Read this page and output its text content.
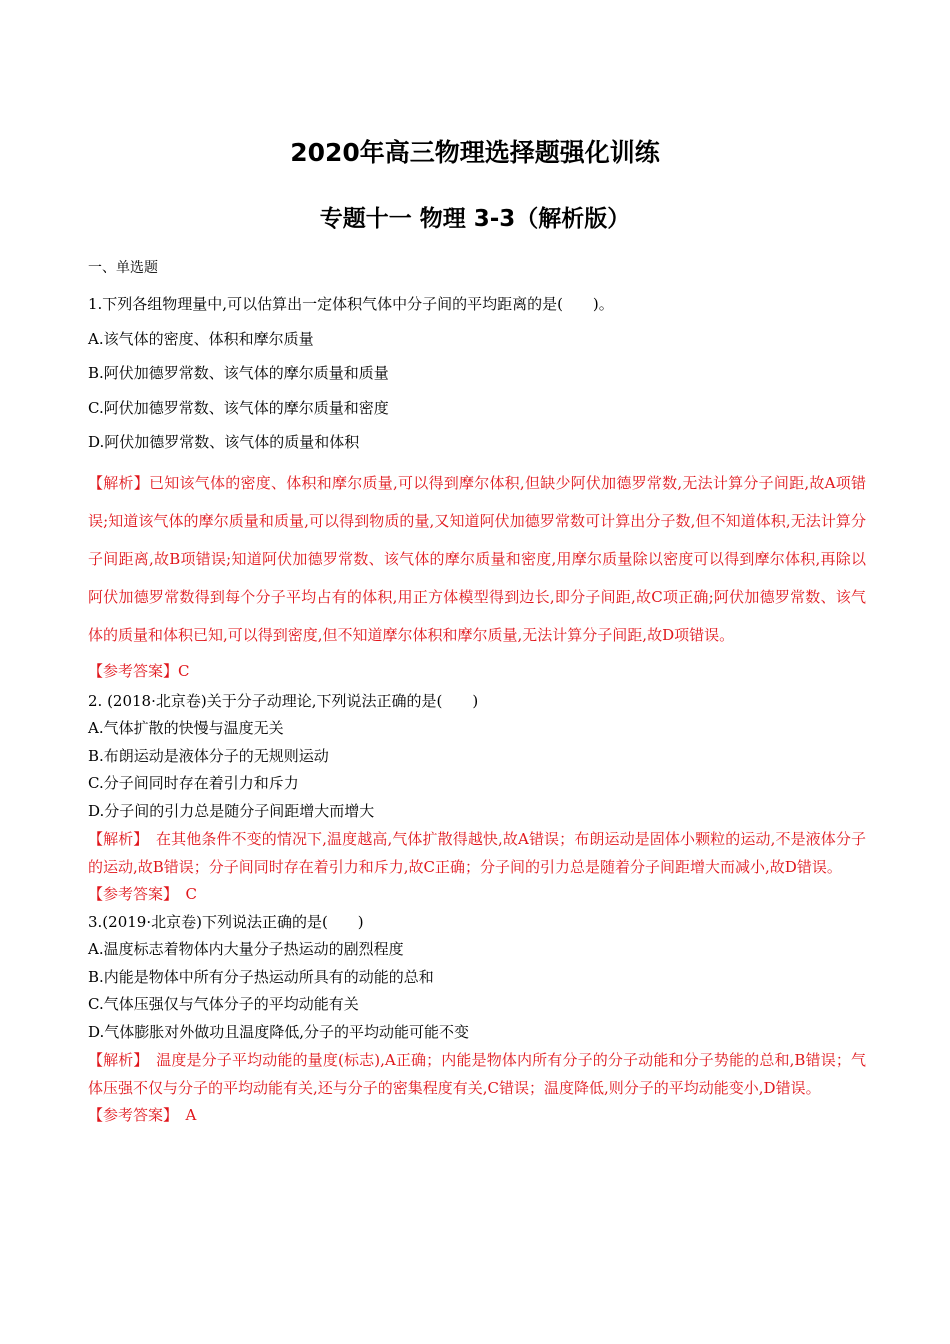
2020年高三物理选择题强化训练
专题十一 物理 3-3（解析版）
一、单选题
1.下列各组物理量中,可以估算出一定体积气体中分子间的平均距离的是(　　)。
A.该气体的密度、体积和摩尔质量
B.阿伏加德罗常数、该气体的摩尔质量和质量
C.阿伏加德罗常数、该气体的摩尔质量和密度
D.阿伏加德罗常数、该气体的质量和体积
【解析】已知该气体的密度、体积和摩尔质量,可以得到摩尔体积,但缺少阿伏加德罗常数,无法计算分子间距,故A项错误;知道该气体的摩尔质量和质量,可以得到物质的量,又知道阿伏加德罗常数可计算出分子数,但不知道体积,无法计算分子间距离,故B项错误;知道阿伏加德罗常数、该气体的摩尔质量和密度,用摩尔质量除以密度可以得到摩尔体积,再除以阿伏加德罗常数得到每个分子平均占有的体积,用正方体模型得到边长,即分子间距,故C项正确;阿伏加德罗常数、该气体的质量和体积已知,可以得到密度,但不知道摩尔体积和摩尔质量,无法计算分子间距,故D项错误。
【参考答案】C
2. (2018·北京卷)关于分子动理论,下列说法正确的是(　　)
A.气体扩散的快慢与温度无关
B.布朗运动是液体分子的无规则运动
C.分子间同时存在着引力和斥力
D.分子间的引力总是随分子间距增大而增大
【解析】　在其他条件不变的情况下,温度越高,气体扩散得越快,故A错误；布朗运动是固体小颗粒的运动,不是液体分子的运动,故B错误；分子间同时存在着引力和斥力,故C正确；分子间的引力总是随着分子间距增大而减小,故D错误。
【参考答案】　C
3.(2019·北京卷)下列说法正确的是(　　)
A.温度标志着物体内大量分子热运动的剧烈程度
B.内能是物体中所有分子热运动所具有的动能的总和
C.气体压强仅与气体分子的平均动能有关
D.气体膨胀对外做功且温度降低,分子的平均动能可能不变
【解析】　温度是分子平均动能的量度(标志),A正确；内能是物体内所有分子的分子动能和分子势能的总和,B错误；气体压强不仅与分子的平均动能有关,还与分子的密集程度有关,C错误；温度降低,则分子的平均动能变小,D错误。
【参考答案】　A
